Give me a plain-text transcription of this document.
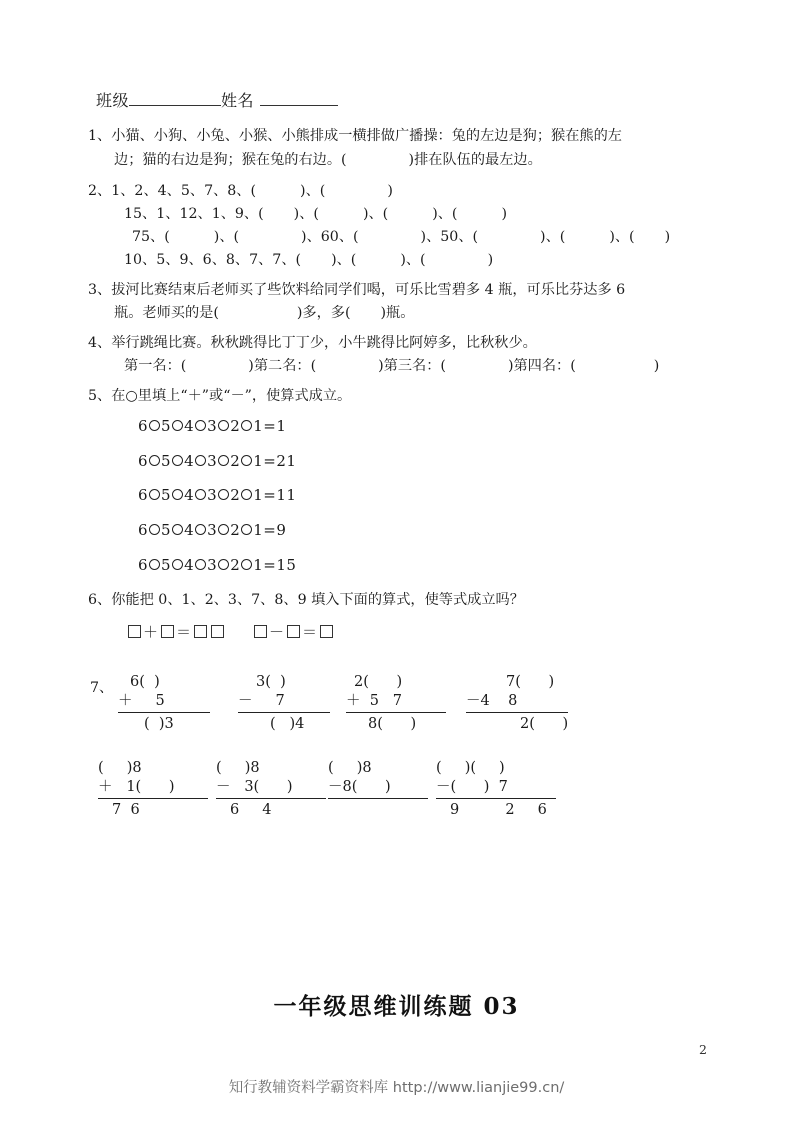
班级	姓名

1、小猫、小狗、小兔、小猴、小熊排成一横排做广播操：兔的左边是狗；猴在熊的左

边；猫的右边是狗；猴在兔的右边。(	)排在队伍的最左边。

2、1、2、4、5、7、8、(	)、(	)
15、1、12、1、9、( )、(	)、(	)、(	)
75、(	)、(	)、60、(	)、50、(	)、(	)、( )
10、5、9、6、8、7、7、( )、(	)、(	)
3、拔河比赛结束后老师买了些饮料给同学们喝，可乐比雪碧多 4 瓶，可乐比芬达多 6
瓶。老师买的是(	)多，多( )瓶。
4、举行跳绳比赛。秋秋跳得比丁丁少，小牛跳得比阿婷多，比秋秋少。
第一名：(	)第二名：(	)第三名：(	)第四名：(	)
5、在○里填上“＋”或“－”，使算式成立。
6 5 4 3 2 1=1
6 5 4 3 2 1=21
6 5 4 3 2 1=11
6 5 4 3 2 1=9
6 5 4 3 2 1=15
6、你能把 0、1、2、3、7、8、9 填入下面的算式，使等式成立吗？
＋ ＝	－ ＝
7、	6(  )
＋     5
(  )3
3(  )
－     7
(   )4
2(      )
＋  5   7
8(      )
7(      )
－4    8
2(      )
(     )8
＋   1(      )
7  6
(     )8
－   3(      )
6     4
(     )8
－8(      )
(     )(     )
－(      )  7
9          2     6
一年级思维训练题 03
2
知行教辅资料学霸资料库 http://www.lianjie99.cn/
